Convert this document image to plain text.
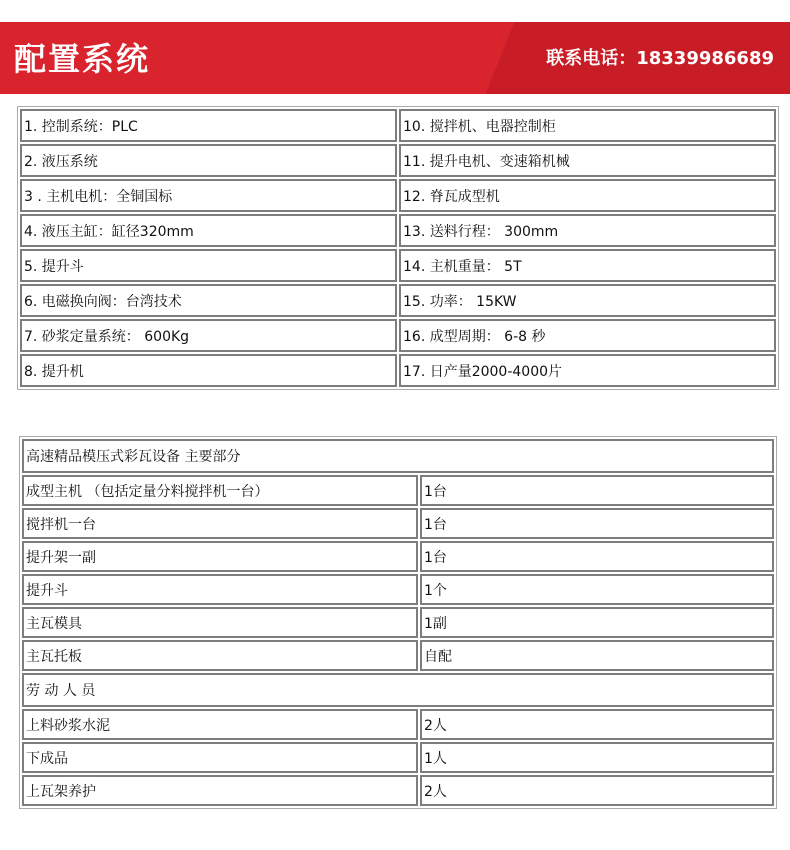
配置系统	联系电话：18339986689
1. 控制系统：PLC	10. 搅拌机、电器控制柜
2. 液压系统	11. 提升电机、变速箱机械
3 . 主机电机：全铜国标	12. 脊瓦成型机
4. 液压主缸：缸径320mm	13. 送料行程： 300mm
5. 提升斗	14. 主机重量： 5T
6. 电磁换向阀：台湾技术	15. 功率： 15KW
7. 砂浆定量系统： 600Kg	16. 成型周期： 6-8 秒
8. 提升机	17. 日产量2000-4000片
高速精品模压式彩瓦设备 主要部分	
成型主机 （包括定量分料搅拌机一台）	1台
搅拌机一台	1台
提升架一副	1台
提升斗	1个
主瓦模具	1副
主瓦托板	自配
劳 动 人 员	
上料砂浆水泥	2人
下成品	1人
上瓦架养护	2人
